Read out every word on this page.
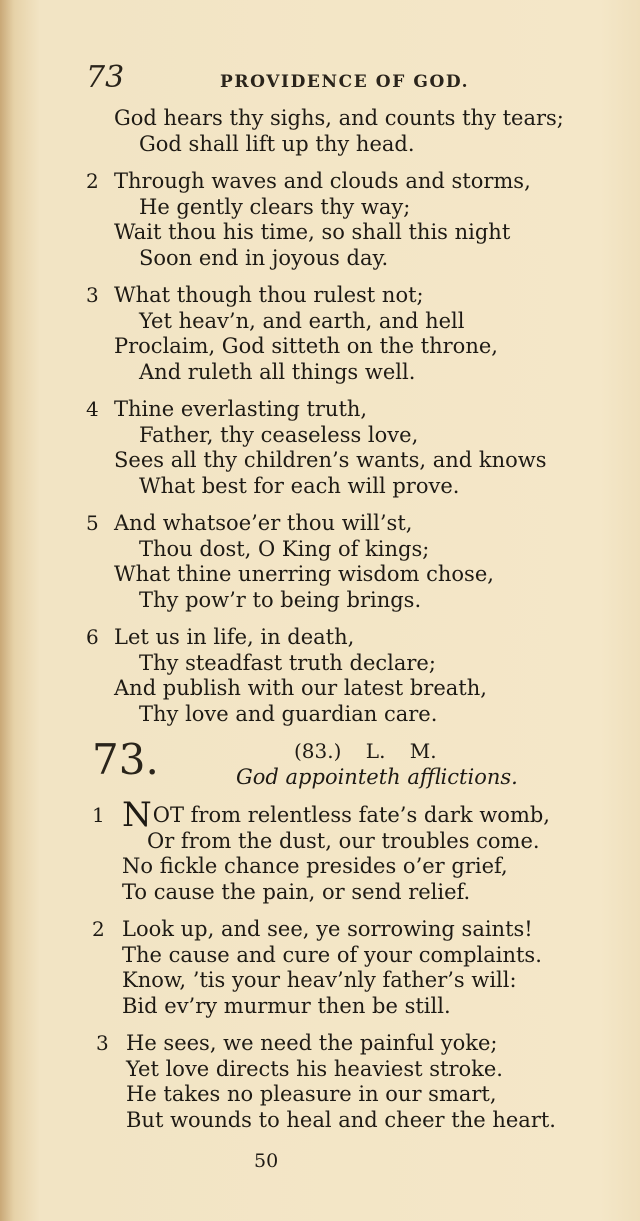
73	PROVIDENCE OF GOD.
God hears thy sighs, and counts thy tears;
God shall lift up thy head.
2 Through waves and clouds and storms,
He gently clears thy way;
Wait thou his time, so shall this night
Soon end in joyous day.
3 What though thou rulest not;
Yet heav’n, and earth, and hell
Proclaim, God sitteth on the throne,
And ruleth all things well.
4 Thine everlasting truth,
Father, thy ceaseless love,
Sees all thy children’s wants, and knows
What best for each will prove.
5 And whatsoe’er thou will’st,
Thou dost, O King of kings;
What thine unerring wisdom chose,
Thy pow’r to being brings.
6 Let us in life, in death,
Thy steadfast truth declare;
And publish with our latest breath,
Thy love and guardian care.
73.	(83.) L. M.
God appointeth afflictions.
1 NOT from relentless fate’s dark womb,
Or from the dust, our troubles come.
No fickle chance presides o’er grief,
To cause the pain, or send relief.
2 Look up, and see, ye sorrowing saints!
The cause and cure of your complaints.
Know, ’tis your heav’nly father’s will:
Bid ev’ry murmur then be still.
3 He sees, we need the painful yoke;
Yet love directs his heaviest stroke.
He takes no pleasure in our smart,
But wounds to heal and cheer the heart.
50
